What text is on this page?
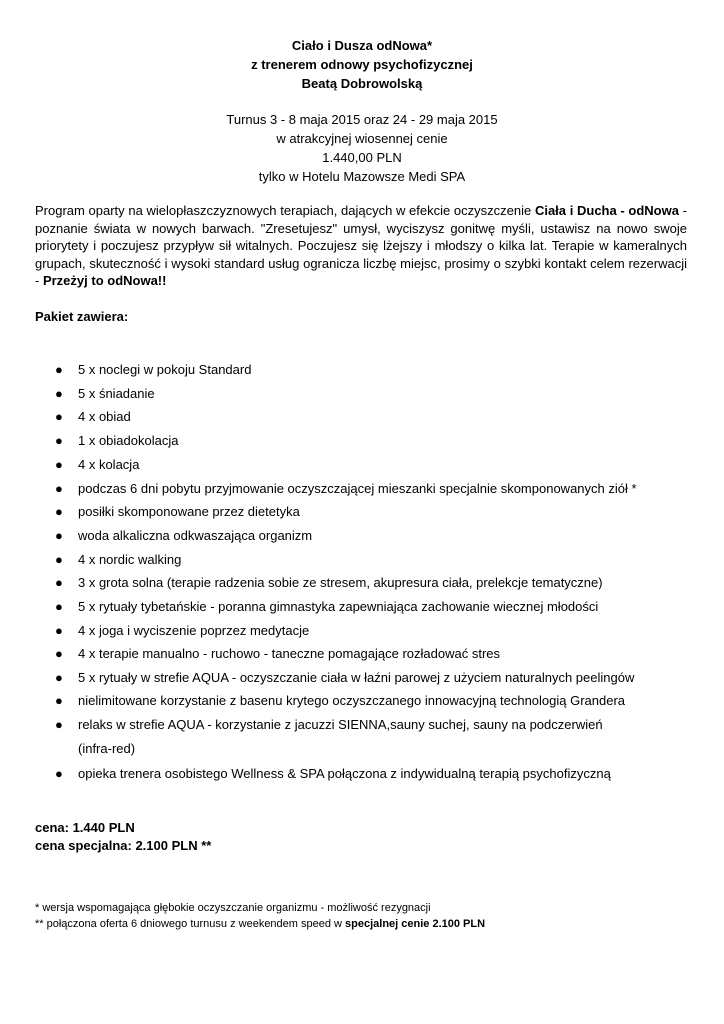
Ciało i Dusza odNowa*
z trenerem odnowy psychofizycznej
Beatą Dobrowolską
Turnus 3 - 8 maja 2015 oraz 24 - 29 maja 2015
w atrakcyjnej wiosennej cenie
1.440,00 PLN
tylko w Hotelu Mazowsze Medi SPA
Program oparty na wielopłaszczyznowych terapiach, dających w efekcie oczyszczenie Ciała i Ducha - odNowa - poznanie świata w nowych barwach. "Zresetujesz" umysł, wyciszysz gonitwę myśli, ustawisz na nowo swoje priorytety i poczujesz przypływ sił witalnych. Poczujesz się lżejszy i młodszy o kilka lat. Terapie w kameralnych grupach, skuteczność i wysoki standard usług ogranicza liczbę miejsc, prosimy o szybki kontakt celem rezerwacji - Przeżyj to odNowa!!
Pakiet zawiera:
●	5 x noclegi w pokoju Standard
●	5 x śniadanie
●	4 x obiad
●	1 x obiadokolacja
●	4 x kolacja
●	podczas 6 dni pobytu przyjmowanie oczyszczającej mieszanki specjalnie skomponowanych ziół *
●	posiłki skomponowane przez dietetyka
●	woda alkaliczna odkwaszająca organizm
●	4 x nordic walking
●	3 x grota solna (terapie radzenia sobie ze stresem, akupresura ciała, prelekcje tematyczne)
●	5 x rytuały tybetańskie - poranna gimnastyka zapewniająca zachowanie wiecznej młodości
●	4 x joga i wyciszenie poprzez medytacje
●	4 x terapie manualno - ruchowo - taneczne pomagające rozładować stres
●	5 x rytuały w strefie AQUA - oczyszczanie ciała w łaźni parowej z użyciem naturalnych peelingów
●	nielimitowane korzystanie z basenu krytego oczyszczanego innowacyjną technologią Grandera
●	relaks w strefie AQUA - korzystanie z jacuzzi SIENNA,sauny suchej, sauny na podczerwień
●	opieka trenera osobistego Wellness & SPA połączona z indywidualną terapią psychofizyczną
(infra-red)
cena: 1.440 PLN
cena specjalna: 2.100 PLN **
* wersja wspomagająca głębokie oczyszczanie organizmu - możliwość rezygnacji
** połączona oferta 6 dniowego turnusu z weekendem speed w specjalnej cenie 2.100 PLN
